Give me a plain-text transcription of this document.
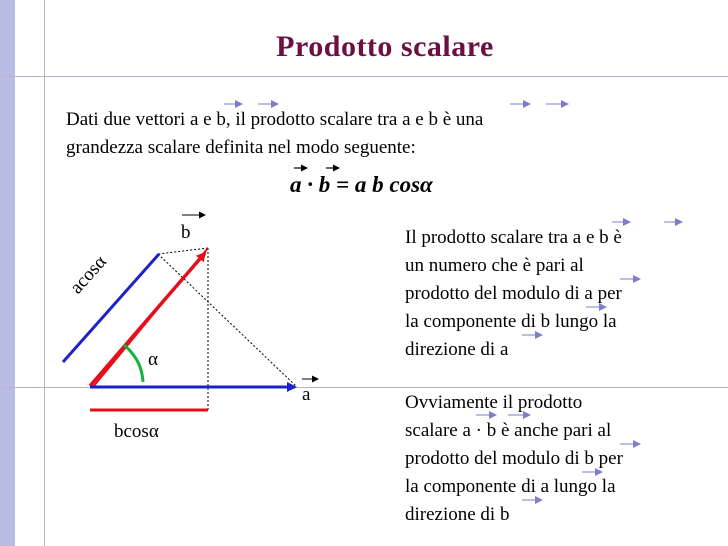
Prodotto scalare
Dati due vettori a e b, il prodotto scalare tra a e b è una
grandezza scalare definita nel modo seguente:
a · b = a b cosα
Il prodotto scalare tra a e b è
un numero che è pari al
prodotto del modulo di a per
la componente di b lungo la
direzione di a
Ovviamente il prodotto
scalare a · b è anche pari al
prodotto del modulo di b per
la componente di a lungo la
direzione di b
b
a
α
bcosα
acosα
